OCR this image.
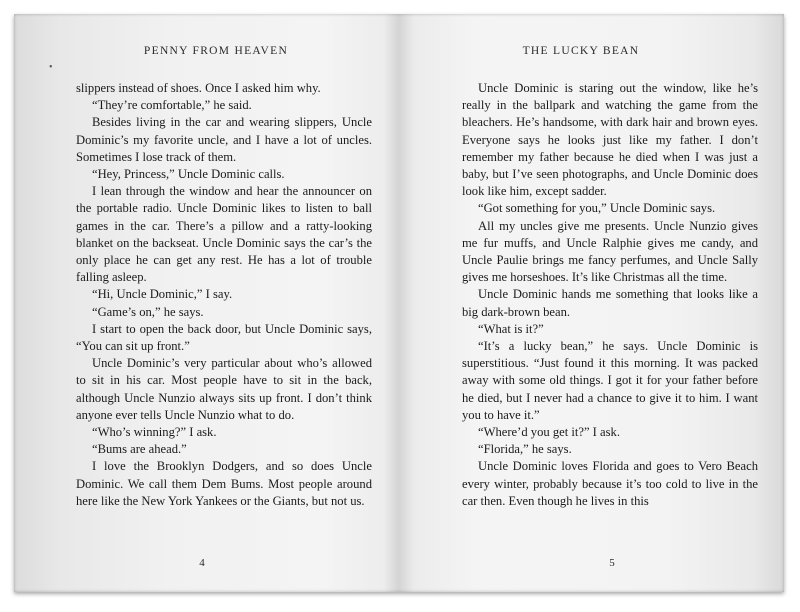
PENNY FROM HEAVEN
•

slippers instead of shoes. Once I asked him why.

“They’re comfortable,” he said.

Besides living in the car and wearing slippers, Uncle Dominic’s my favorite uncle, and I have a lot of uncles. Sometimes I lose track of them.

“Hey, Princess,” Uncle Dominic calls.

I lean through the window and hear the announcer on the portable radio. Uncle Dominic likes to listen to ball games in the car. There’s a pillow and a ratty-looking blanket on the backseat. Uncle Dominic says the car’s the only place he can get any rest. He has a lot of trouble falling asleep.

“Hi, Uncle Dominic,” I say.

“Game’s on,” he says.

I start to open the back door, but Uncle Dominic says, “You can sit up front.”

Uncle Dominic’s very particular about who’s allowed to sit in his car. Most people have to sit in the back, although Uncle Nunzio always sits up front. I don’t think anyone ever tells Uncle Nunzio what to do.

“Who’s winning?” I ask.

“Bums are ahead.”

I love the Brooklyn Dodgers, and so does Uncle Dominic. We call them Dem Bums. Most people around here like the New York Yankees or the Giants, but not us.

4
THE LUCKY BEAN

Uncle Dominic is staring out the window, like he’s really in the ballpark and watching the game from the bleachers. He’s handsome, with dark hair and brown eyes. Everyone says he looks just like my father. I don’t remember my father because he died when I was just a baby, but I’ve seen photographs, and Uncle Dominic does look like him, except sadder.

“Got something for you,” Uncle Dominic says.

All my uncles give me presents. Uncle Nunzio gives me fur muffs, and Uncle Ralphie gives me candy, and Uncle Paulie brings me fancy perfumes, and Uncle Sally gives me horseshoes. It’s like Christmas all the time.

Uncle Dominic hands me something that looks like a big dark-brown bean.

“What is it?”

“It’s a lucky bean,” he says. Uncle Dominic is superstitious. “Just found it this morning. It was packed away with some old things. I got it for your father before he died, but I never had a chance to give it to him. I want you to have it.”

“Where’d you get it?” I ask.

“Florida,” he says.

Uncle Dominic loves Florida and goes to Vero Beach every winter, probably because it’s too cold to live in the car then. Even though he lives in this

5
